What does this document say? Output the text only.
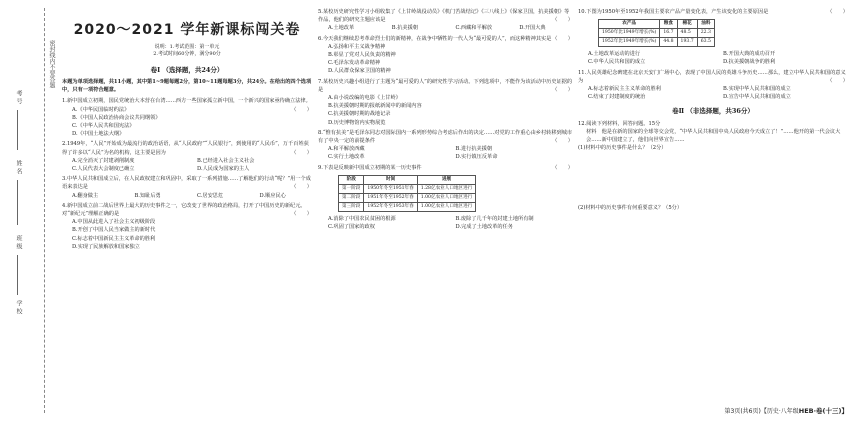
学校
班级
姓名
考号
密封线内不要答题
2020～2021 学年新课标闯关卷
说明：1.考试范围：第一单元
2.考试时间60分钟，满分90分
卷Ⅰ （选择题，共24分）
本题为单项选择题，共11小题，其中第1~9题每题2分，第10~11题每题3分，共24分。在给出的四个选项中，只有一项符合题意。
1.新中国成立初期，国民党统治大本营在台湾……西方一些国家孤立新中国，一个新兴的国家亟待确立法律。
（　　）
A.《中华民国临时约法》
B.《中国人民政治协商会议共同纲领》
C.《中华人民共和国宪法》
D.《中国土地法大纲》
2.1949年，“人民”开始成为最流行的政治话语，从“人民政府”“人民银行”，到使用的“人民币”，万千百姓获得了许多以“人民”为名的机构，这主要是因为	（　　）
A.完全消灭了封建剥削制度	B.已经进入社会主义社会
C.人民代表大会制度已确立	D.人民成为国家的主人
3.中华人民共和国成立后，在人民政权建立和巩固中，采取了一系列措施……了解他们的行动“呢？”用一个成语来表达是	（　　）
A.翻身做主	B.知耻后勇	C.居安思危	D.顺应民心
4.新中国成立前二战后世界上最大的历史事件之一，它改变了世界的政治格局，打开了中国历史的新纪元。对“新纪元”理解正确的是	（　　）
A.中国从此进入了社会主义初级阶段
B.开创了中国人民当家做主的新时代
C.标志着中国新民主主义革命的胜利
D.实现了民族解放和国家独立
5.某校历史研究性学习小组收集了《上甘岭战役动员》《机门苦战结记》《三八线上》《保家卫国，抗美援朝》等作品，他们的研究主题应该是	（　　）
A.土地改革	B.抗美援朝	C.西藏和平解放	D.开国大典
6.今天我们继续思考革命烈士们的新精神，在战争中牺牲的一代人为“最可爱的人”，而这种精神其实是 （　　）
A.弘扬和平主义战争精神
B.彰显了党对人民负责的精神
C.毛泽东发动革命精神
D.人民群众保家卫国的精神
7.某校历史兴趣小组进行了主题为“最可爱的人”的研究性学习活动。下列选项中，不能作为该活动中历史证据的是	（　　）
A.由小说改编的电影《上甘岭》
B.抗美援朝时期的报纸新闻中的新闻内容
C.抗美援朝时期的战地记录
D.历史博物馆内实物展览
8.“惟有抗美”是毛泽东同志对国际国内一系列形势综合考虑后作出的决定……对党的工作重心由乡村转移到城市有了中央一定的前提条件	（　　）
A.和平解放西藏	B.进行抗美援朝
C.实行土地改革	D.实行镇压反革命
9.下表是反映新中国成立初期的某一历史事件	（　　）
阶段	时间	进展
第一阶段	1950年冬至1951年春	1.28亿农业人口地区进行
第二阶段	1951年冬至1952年春	1.00亿农业人口地区进行
第三阶段	1952年冬至1953年春	1.00亿农业人口地区进行
A.消除了中国农民贫困的根源	B.废除了几千年的封建土地所有制
C.巩固了国家的政权	D.完成了土地改革的任务
10.下图为1950年至1952年我国主要农产品产量变化表，产生该变化的主要原因是	（　　）
农产品	粮食	棉花	油料
1950年比1949年增长(%)	16.7	48.5	22.3
1952年比1949年增长(%)	44.8	193.7	63.5
A.土地改革运动的进行	B.开国大典的成功召开
C.中华人民共和国的成立	D.抗美援朝战争的胜利
11.人民英雄纪念碑建在北京天安门广场中心，表现了中国人民的英雄斗争历史……那么，建立中华人民共和国的意义为	（　　）
A.标志着新民主主义革命的胜利	B.实现中华人民共和国的成立
C.结束了封建制度的统治	D.宣告中华人民共和国的成立
卷Ⅱ （非选择题，共36分）
12.阅读下列材料，回答问题。15分
材料　他是在新的国家的全球等交会党，“中华人民共和国中央人民政府今天成立了！”……他开的第一代会议大会……新中国建立了，他们向世界宣告……
(1)材料中的历史事件是什么？（2分）
(2)材料中的历史事件有何重要意义？（5分）
第3页(共6页)【历史·八年级HEB·卷(十三)】
